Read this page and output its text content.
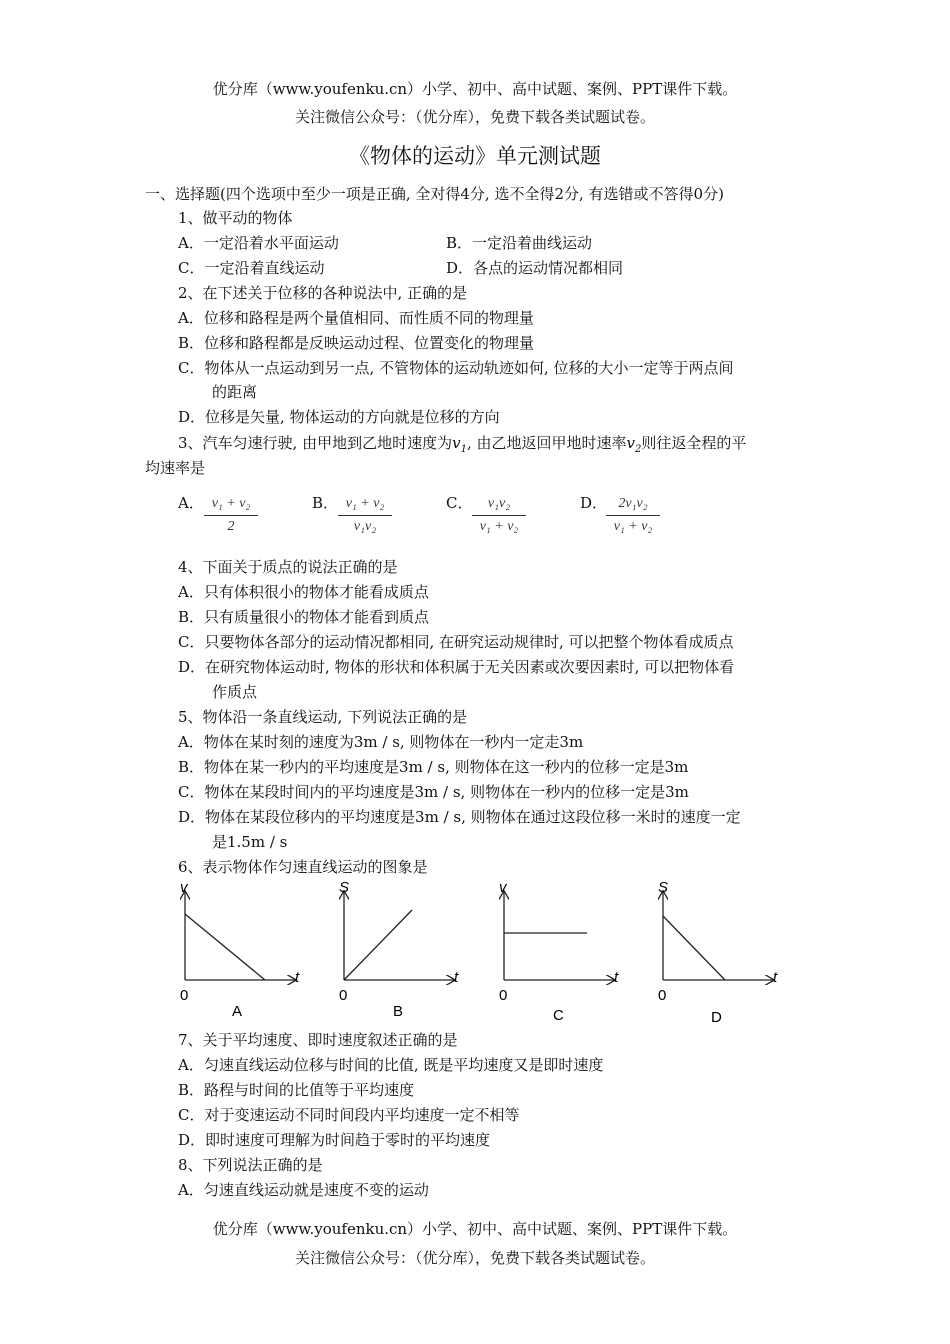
优分库（www.youfenku.cn）小学、初中、高中试题、案例、PPT课件下载。
关注微信公众号：（优分库），免费下载各类试题试卷。
《物体的运动》单元测试题
一、选择题(四个选项中至少一项是正确, 全对得4分, 选不全得2分, 有选错或不答得0分)
1、做平动的物体
A．一定沿着水平面运动	B．一定沿着曲线运动
C．一定沿着直线运动	D．各点的运动情况都相同
2、在下述关于位移的各种说法中, 正确的是
A．位移和路程是两个量值相同、而性质不同的物理量
B．位移和路程都是反映运动过程、位置变化的物理量
C．物体从一点运动到另一点, 不管物体的运动轨迹如何, 位移的大小一定等于两点间
的距离
D．位移是矢量, 物体运动的方向就是位移的方向
3、汽车匀速行驶, 由甲地到乙地时速度为$v_1$, 由乙地返回甲地时速率$v_2$则往返全程的平
均速率是
A． v₁ + v₂
2
B． v₁ + v₂
v₁v₂
C．	v₁v₂
v₁ + v₂
D． 2v₁v₂
v₁ + v₂
4、下面关于质点的说法正确的是
A．只有体积很小的物体才能看成质点
B．只有质量很小的物体才能看到质点
C．只要物体各部分的运动情况都相同, 在研究运动规律时, 可以把整个物体看成质点
D．在研究物体运动时, 物体的形状和体积属于无关因素或次要因素时, 可以把物体看
作质点
5、物体沿一条直线运动, 下列说法正确的是
A．物体在某时刻的速度为3m / s, 则物体在一秒内一定走3m
B．物体在某一秒内的平均速度是3m / s, 则物体在这一秒内的位移一定是3m
C．物体在某段时间内的平均速度是3m / s, 则物体在一秒内的位移一定是3m
D．物体在某段位移内的平均速度是3m / s, 则物体在通过这段位移一米时的速度一定
是1.5m / s
6、表示物体作匀速直线运动的图象是
v
t
0
A
S
t
0
B
v
t
0
C
S
t
0
D
7、关于平均速度、即时速度叙述正确的是
A．匀速直线运动位移与时间的比值, 既是平均速度又是即时速度
B．路程与时间的比值等于平均速度
C．对于变速运动不同时间段内平均速度一定不相等
D．即时速度可理解为时间趋于零时的平均速度
8、下列说法正确的是
A．匀速直线运动就是速度不变的运动
优分库（www.youfenku.cn）小学、初中、高中试题、案例、PPT课件下载。
关注微信公众号：（优分库），免费下载各类试题试卷。
